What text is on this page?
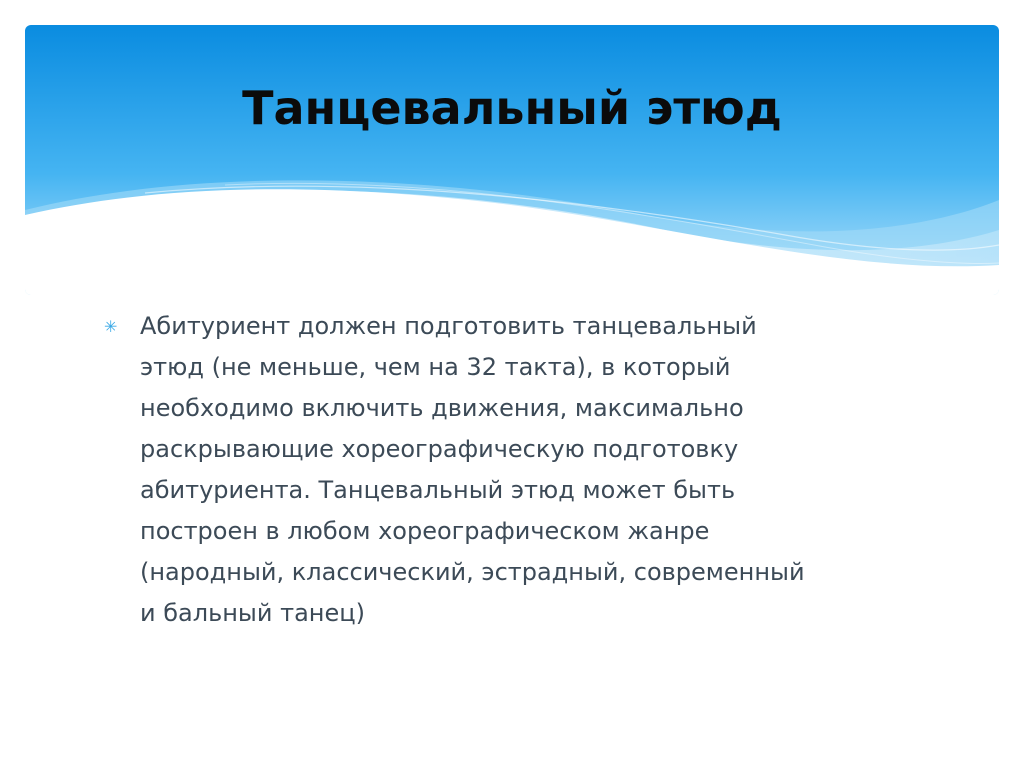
Танцевальный этюд
✳ Абитуриент должен подготовить танцевальный
этюд (не меньше, чем на 32 такта), в который
необходимо включить движения, максимально
раскрывающие хореографическую подготовку
абитуриента. Танцевальный этюд может быть
построен в любом хореографическом жанре
(народный, классический, эстрадный, современный
и бальный танец)
